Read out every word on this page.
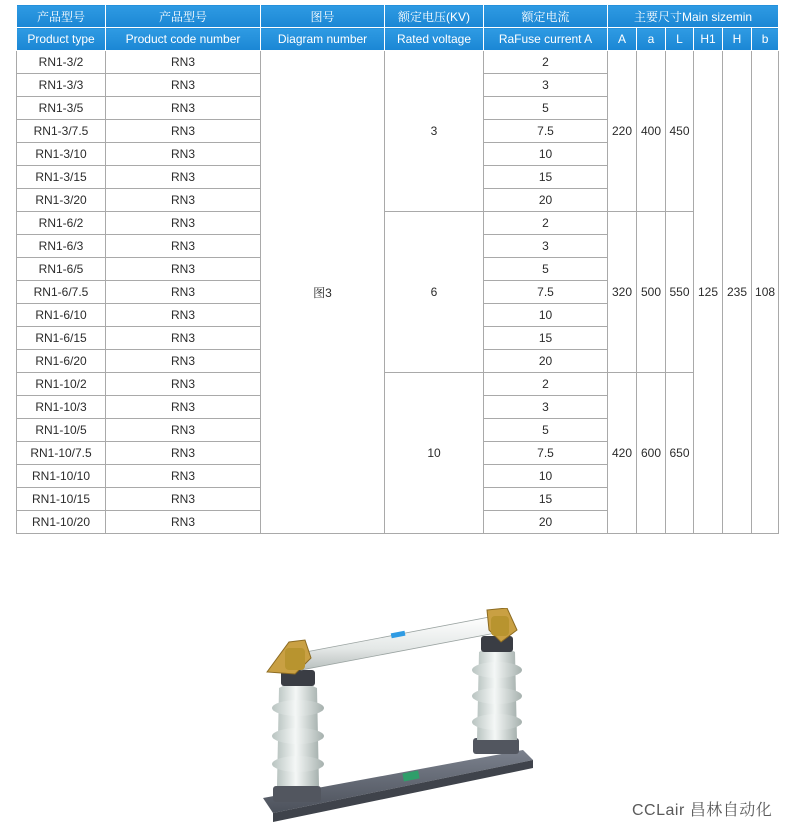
产品型号	产品型号	图号	额定电压(KV)	额定电流	主要尺寸Main sizemin					
Product type	Product code number	Diagram number	Rated voltage	RaFuse current A	A	a	L	H1	H	b
RN1-3/2	RN3	图3	3	2	220	400	450	125	235	108
RN1-3/3	RN3			3						
RN1-3/5	RN3			5						
RN1-3/7.5	RN3			7.5						
RN1-3/10	RN3			10						
RN1-3/15	RN3			15						
RN1-3/20	RN3			20						
RN1-6/2	RN3		6	2	320	500	550			
RN1-6/3	RN3			3						
RN1-6/5	RN3			5						
RN1-6/7.5	RN3			7.5						
RN1-6/10	RN3			10						
RN1-6/15	RN3			15						
RN1-6/20	RN3			20						
RN1-10/2	RN3		10	2	420	600	650			
RN1-10/3	RN3			3						
RN1-10/5	RN3			5						
RN1-10/7.5	RN3			7.5						
RN1-10/10	RN3			10						
RN1-10/15	RN3			15						
RN1-10/20	RN3			20						
CCLair 昌林自动化
